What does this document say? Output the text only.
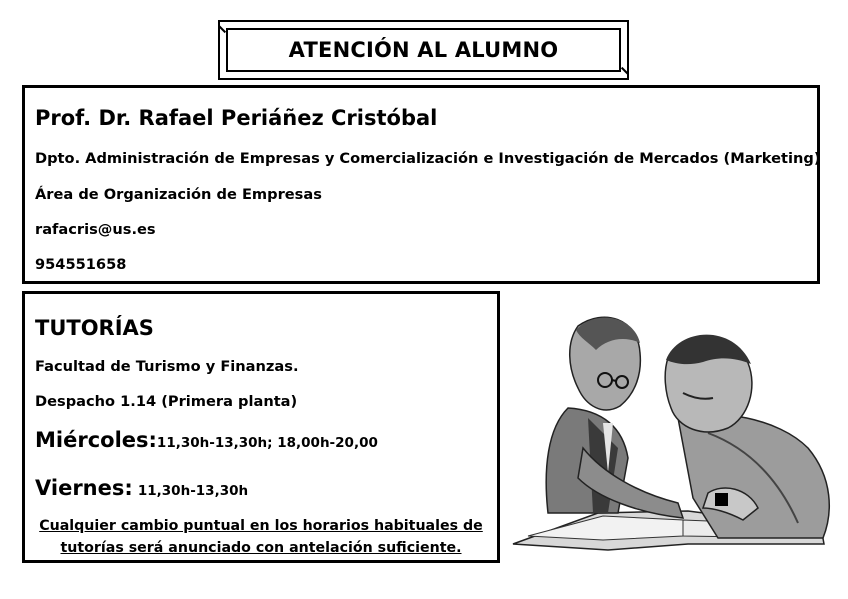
ATENCIÓN AL ALUMNO
Prof. Dr. Rafael Periáñez Cristóbal
Dpto. Administración de Empresas y Comercialización e Investigación de Mercados (Marketing)
Área de Organización de Empresas
rafacris@us.es
954551658
TUTORÍAS
Facultad de Turismo y Finanzas.
Despacho 1.14 (Primera planta)
Miércoles:11,30h-13,30h; 18,00h-20,00
Viernes: 11,30h-13,30h
Cualquier cambio puntual en los horarios habituales de
tutorías será anunciado con antelación suficiente.
